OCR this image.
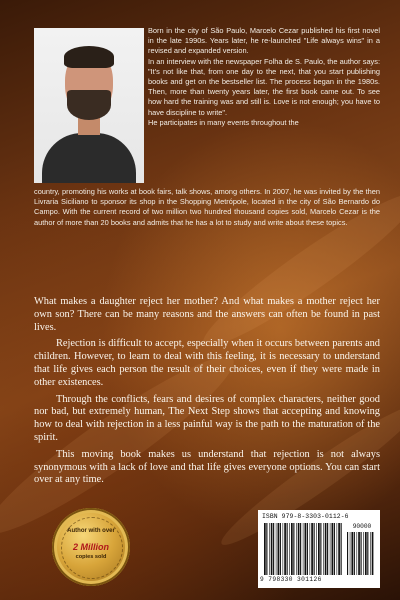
Born in the city of São Paulo, Marcelo Cezar published his first novel in the late 1990s. Years later, he re-launched "Life always wins" in a revised and expanded version.

In an interview with the newspaper Folha de S. Paulo, the author says: "It's not like that, from one day to the next, that you start publishing books and get on the bestseller list. The process began in the 1980s. Then, more than twenty years later, the first book came out. To see how hard the training was and still is. Love is not enough; you have to have discipline to write".

He participates in many events throughout the

country, promoting his works at book fairs, talk shows, among others. In 2007, he was invited by the then Livraria Siciliano to sponsor its shop in the Shopping Metrópole, located in the city of São Bernardo do Campo. With the current record of two million two hundred thousand copies sold, Marcelo Cezar is the author of more than 20 books and admits that he has a lot to study and write about these topics.

What makes a daughter reject her mother? And what makes a mother reject her own son? There can be many reasons and the answers can often be found in past lives.

Rejection is difficult to accept, especially when it occurs between parents and children. However, to learn to deal with this feeling, it is necessary to understand that life gives each person the result of their choices, even if they were made in other existences.

Through the conflicts, fears and desires of complex characters, neither good nor bad, but extremely human, The Next Step shows that accepting and knowing how to deal with rejection in a less painful way is the path to the maturation of the spirit.

This moving book makes us understand that rejection is not always synonymous with a lack of love and that life gives everyone options. You can start over at any time.

Author with over
2 Million
copies sold
ISBN 979-8-3303-0112-6
90000
9 798330 301126
